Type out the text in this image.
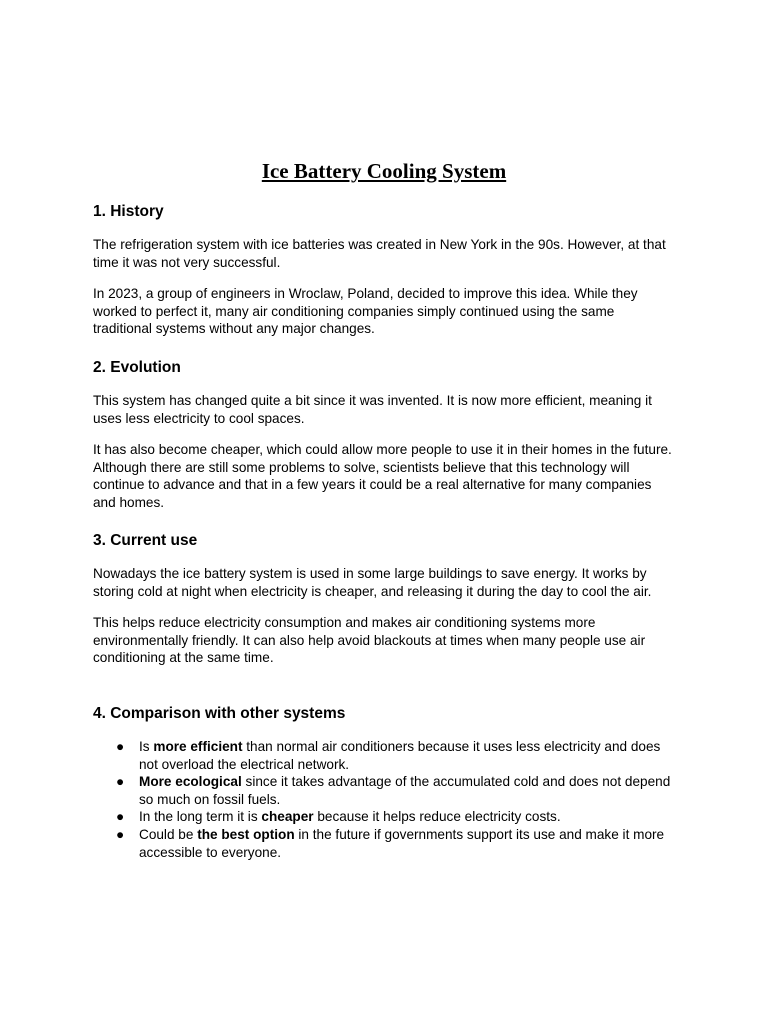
Ice Battery Cooling System
1. History

The refrigeration system with ice batteries was created in New York in the 90s. However, at that time it was not very successful.

In 2023, a group of engineers in Wroclaw, Poland, decided to improve this idea. While they worked to perfect it, many air conditioning companies simply continued using the same traditional systems without any major changes.

2. Evolution

This system has changed quite a bit since it was invented. It is now more efficient, meaning it uses less electricity to cool spaces.

It has also become cheaper, which could allow more people to use it in their homes in the future. Although there are still some problems to solve, scientists believe that this technology will continue to advance and that in a few years it could be a real alternative for many companies and homes.

3. Current use

Nowadays the ice battery system is used in some large buildings to save energy. It works by storing cold at night when electricity is cheaper, and releasing it during the day to cool the air.

This helps reduce electricity consumption and makes air conditioning systems more environmentally friendly. It can also help avoid blackouts at times when many people use air conditioning at the same time.

4. Comparison with other systems
● Is more efficient than normal air conditioners because it uses less electricity and does not overload the electrical network.
● More ecological since it takes advantage of the accumulated cold and does not depend so much on fossil fuels.
● In the long term it is cheaper because it helps reduce electricity costs.
● Could be the best option in the future if governments support its use and make it more accessible to everyone.
